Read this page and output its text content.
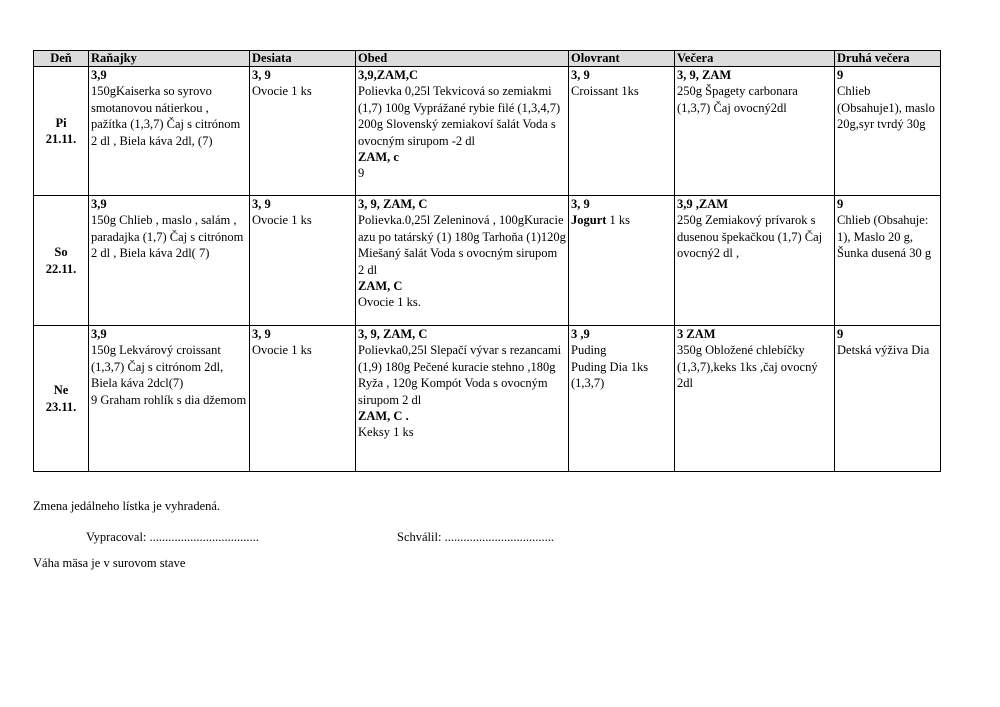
Deň	Raňajky	Desiata	Obed	Olovrant	Večera	Druhá večera

Pi
21.11.	3,9
150gKaiserka so syrovo smotanovou nátierkou , pažítka (1,3,7) Čaj s citrónom 2 dl , Biela káva 2dl, (7)	3, 9
Ovocie 1 ks	3,9,ZAM,C
Polievka 0,25l Tekvicová so zemiakmi (1,7) 100g Vyprážané rybie filé (1,3,4,7) 200g Slovenský zemiakoví šalát Voda s ovocným sirupom -2 dl
ZAM, c
9	3, 9
Croissant 1ks	3, 9, ZAM
250g Špagety carbonara (1,3,7) Čaj ovocný2dl	9
Chlieb (Obsahuje1), maslo 20g,syr tvrdý 30g

So
22.11.	3,9
150g Chlieb , maslo , salám , paradajka (1,7) Čaj s citrónom 2 dl , Biela káva 2dl( 7)	3, 9
Ovocie 1 ks	3, 9, ZAM, C
Polievka.0,25l Zeleninová , 100gKuracie azu po tatárský (1) 180g Tarhoňa (1)120g Miešaný šalát Voda s ovocným sirupom 2 dl
ZAM, C
Ovocie 1 ks.	3, 9
Jogurt 1 ks	3,9 ,ZAM
250g Zemiakový prívarok s dusenou špekačkou (1,7) Čaj ovocný2 dl ,	9
Chlieb (Obsahuje: 1), Maslo 20 g, Šunka dusená 30 g

Ne
23.11.	3,9
150g Lekvárový croissant (1,3,7) Čaj s citrónom 2dl, Biela káva 2dcl(7)
9 Graham rohlík s dia džemom	3, 9
Ovocie 1 ks	3, 9, ZAM, C
Polievka0,25l Slepačí vývar s rezancami (1,9) 180g Pečené kuracie stehno ,180g Ryža , 120g Kompót Voda s ovocným sirupom 2 dl
ZAM, C .
Keksy 1 ks	3 ,9
Puding
Puding Dia 1ks (1,3,7)	3 ZAM
350g Obložené chlebíčky (1,3,7),keks 1ks ,čaj ovocný 2dl	9
Detská výživa Dia
Zmena jedálneho lístka je vyhradená.
Vypracoval: ...................................	Schválil: ...................................
Váha mäsa je v surovom stave
